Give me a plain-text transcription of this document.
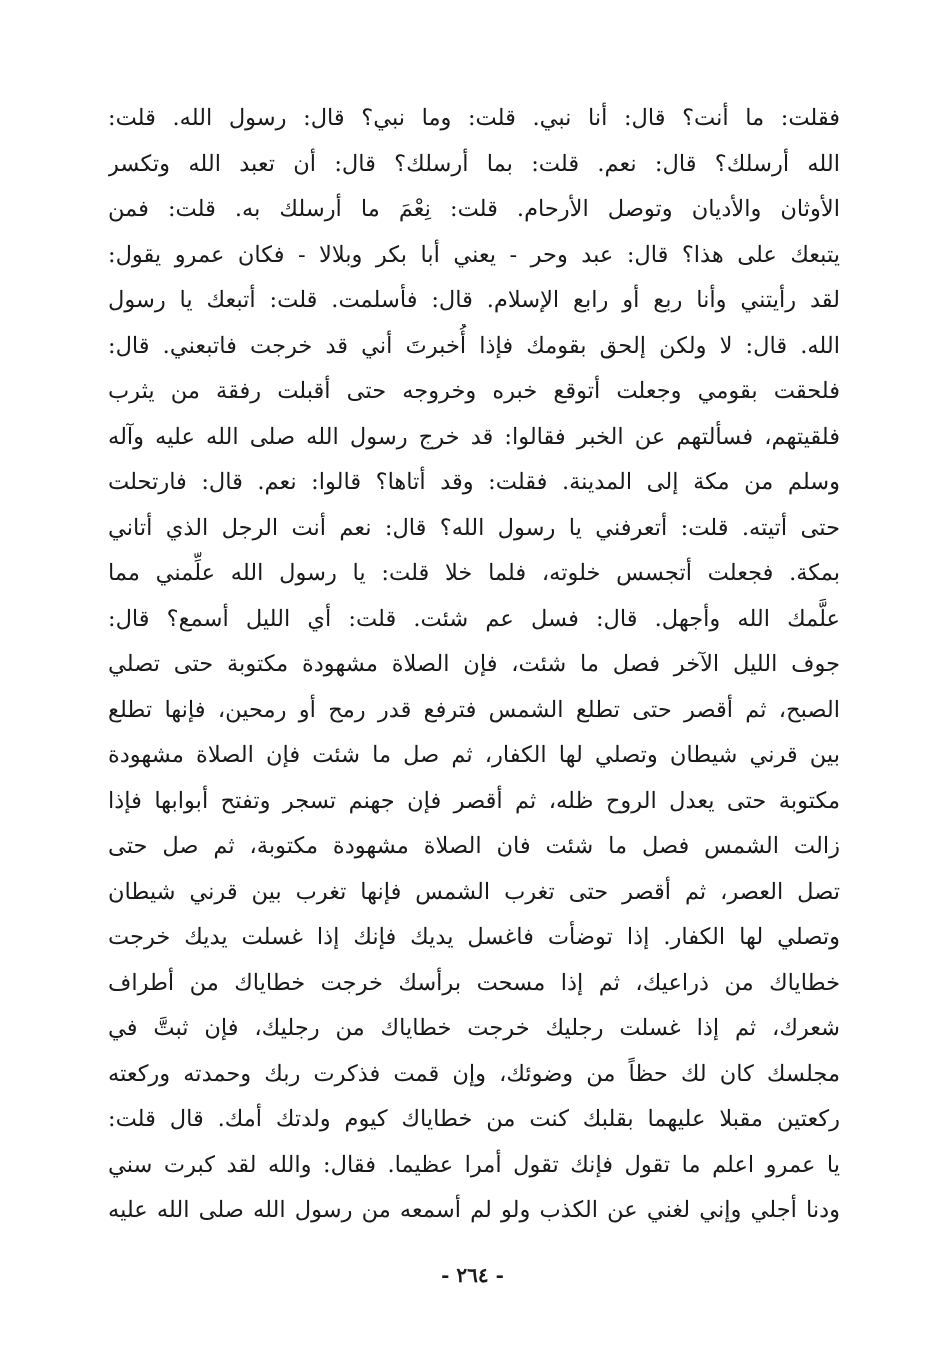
فقلت: ما أنت؟ قال: أنا نبي. قلت: وما نبي؟ قال: رسول الله. قلت:
الله أرسلك؟ قال: نعم. قلت: بما أرسلك؟ قال: أن تعبد الله وتكسر
الأوثان والأديان وتوصل الأرحام. قلت: نِعْمَ ما أرسلك به. قلت: فمن
يتبعك على هذا؟ قال: عبد وحر - يعني أبا بكر وبلالا - فكان عمرو يقول:
لقد رأيتني وأنا ربع أو رابع الإسلام. قال: فأسلمت. قلت: أتبعك يا رسول
الله. قال: لا ولكن إلحق بقومك فإذا أُخبرتَ أني قد خرجت فاتبعني. قال:
فلحقت بقومي وجعلت أتوقع خبره وخروجه حتى أقبلت رفقة من يثرب
فلقيتهم، فسألتهم عن الخبر فقالوا: قد خرج رسول الله صلى الله عليه وآله
وسلم من مكة إلى المدينة. فقلت: وقد أتاها؟ قالوا: نعم. قال: فارتحلت
حتى أتيته. قلت: أتعرفني يا رسول الله؟ قال: نعم أنت الرجل الذي أتاني
بمكة. فجعلت أتجسس خلوته، فلما خلا قلت: يا رسول الله علِّمني مما
علَّمك الله وأجهل. قال: فسل عم شئت. قلت: أي الليل أسمع؟ قال:
جوف الليل الآخر فصل ما شئت، فإن الصلاة مشهودة مكتوبة حتى تصلي
الصبح، ثم أقصر حتى تطلع الشمس فترفع قدر رمح أو رمحين، فإنها تطلع
بين قرني شيطان وتصلي لها الكفار، ثم صل ما شئت فإن الصلاة مشهودة
مكتوبة حتى يعدل الروح ظله، ثم أقصر فإن جهنم تسجر وتفتح أبوابها فإذا
زالت الشمس فصل ما شئت فان الصلاة مشهودة مكتوبة، ثم صل حتى
تصل العصر، ثم أقصر حتى تغرب الشمس فإنها تغرب بين قرني شيطان
وتصلي لها الكفار. إذا توضأت فاغسل يديك فإنك إذا غسلت يديك خرجت
خطاياك من ذراعيك، ثم إذا مسحت برأسك خرجت خطاياك من أطراف
شعرك، ثم إذا غسلت رجليك خرجت خطاياك من رجليك، فإن ثبتَّ في
مجلسك كان لك حظاً من وضوئك، وإن قمت فذكرت ربك وحمدته وركعته
ركعتين مقبلا عليهما بقلبك كنت من خطاياك كيوم ولدتك أمك. قال قلت:
يا عمرو اعلم ما تقول فإنك تقول أمرا عظيما. فقال: والله لقد كبرت سني
ودنا أجلي وإني لغني عن الكذب ولو لم أسمعه من رسول الله صلى الله عليه
- ٢٦٤ -
